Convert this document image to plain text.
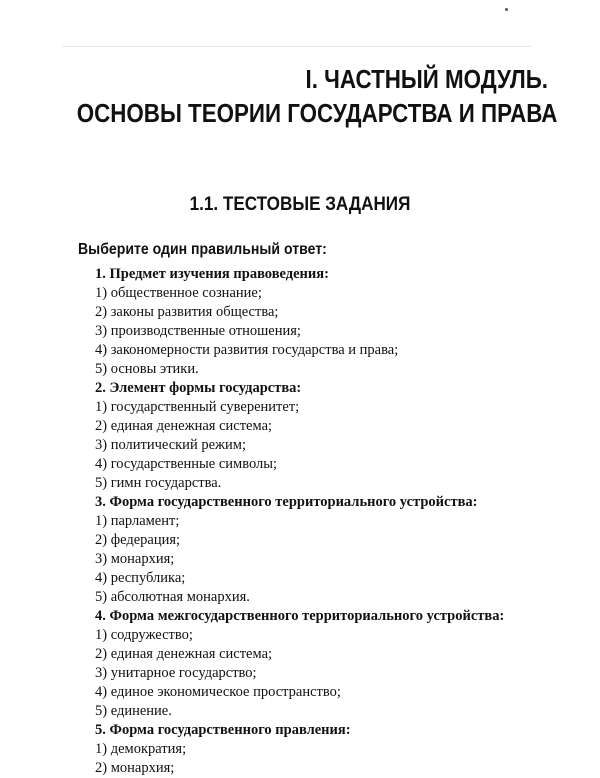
I. ЧАСТНЫЙ МОДУЛЬ.
ОСНОВЫ ТЕОРИИ ГОСУДАРСТВА И ПРАВА
1.1. ТЕСТОВЫЕ ЗАДАНИЯ
Выберите один правильный ответ:
1. Предмет изучения правоведения:
1) общественное сознание;
2) законы развития общества;
3) производственные отношения;
4) закономерности развития государства и права;
5) основы этики.
2. Элемент формы государства:
1) государственный суверенитет;
2) единая денежная система;
3) политический режим;
4) государственные символы;
5) гимн государства.
3. Форма государственного территориального устройства:
1) парламент;
2) федерация;
3) монархия;
4) республика;
5) абсолютная монархия.
4. Форма межгосударственного территориального устройства:
1) содружество;
2) единая денежная система;
3) унитарное государство;
4) единое экономическое пространство;
5) единение.
5. Форма государственного правления:
1) демократия;
2) монархия;
